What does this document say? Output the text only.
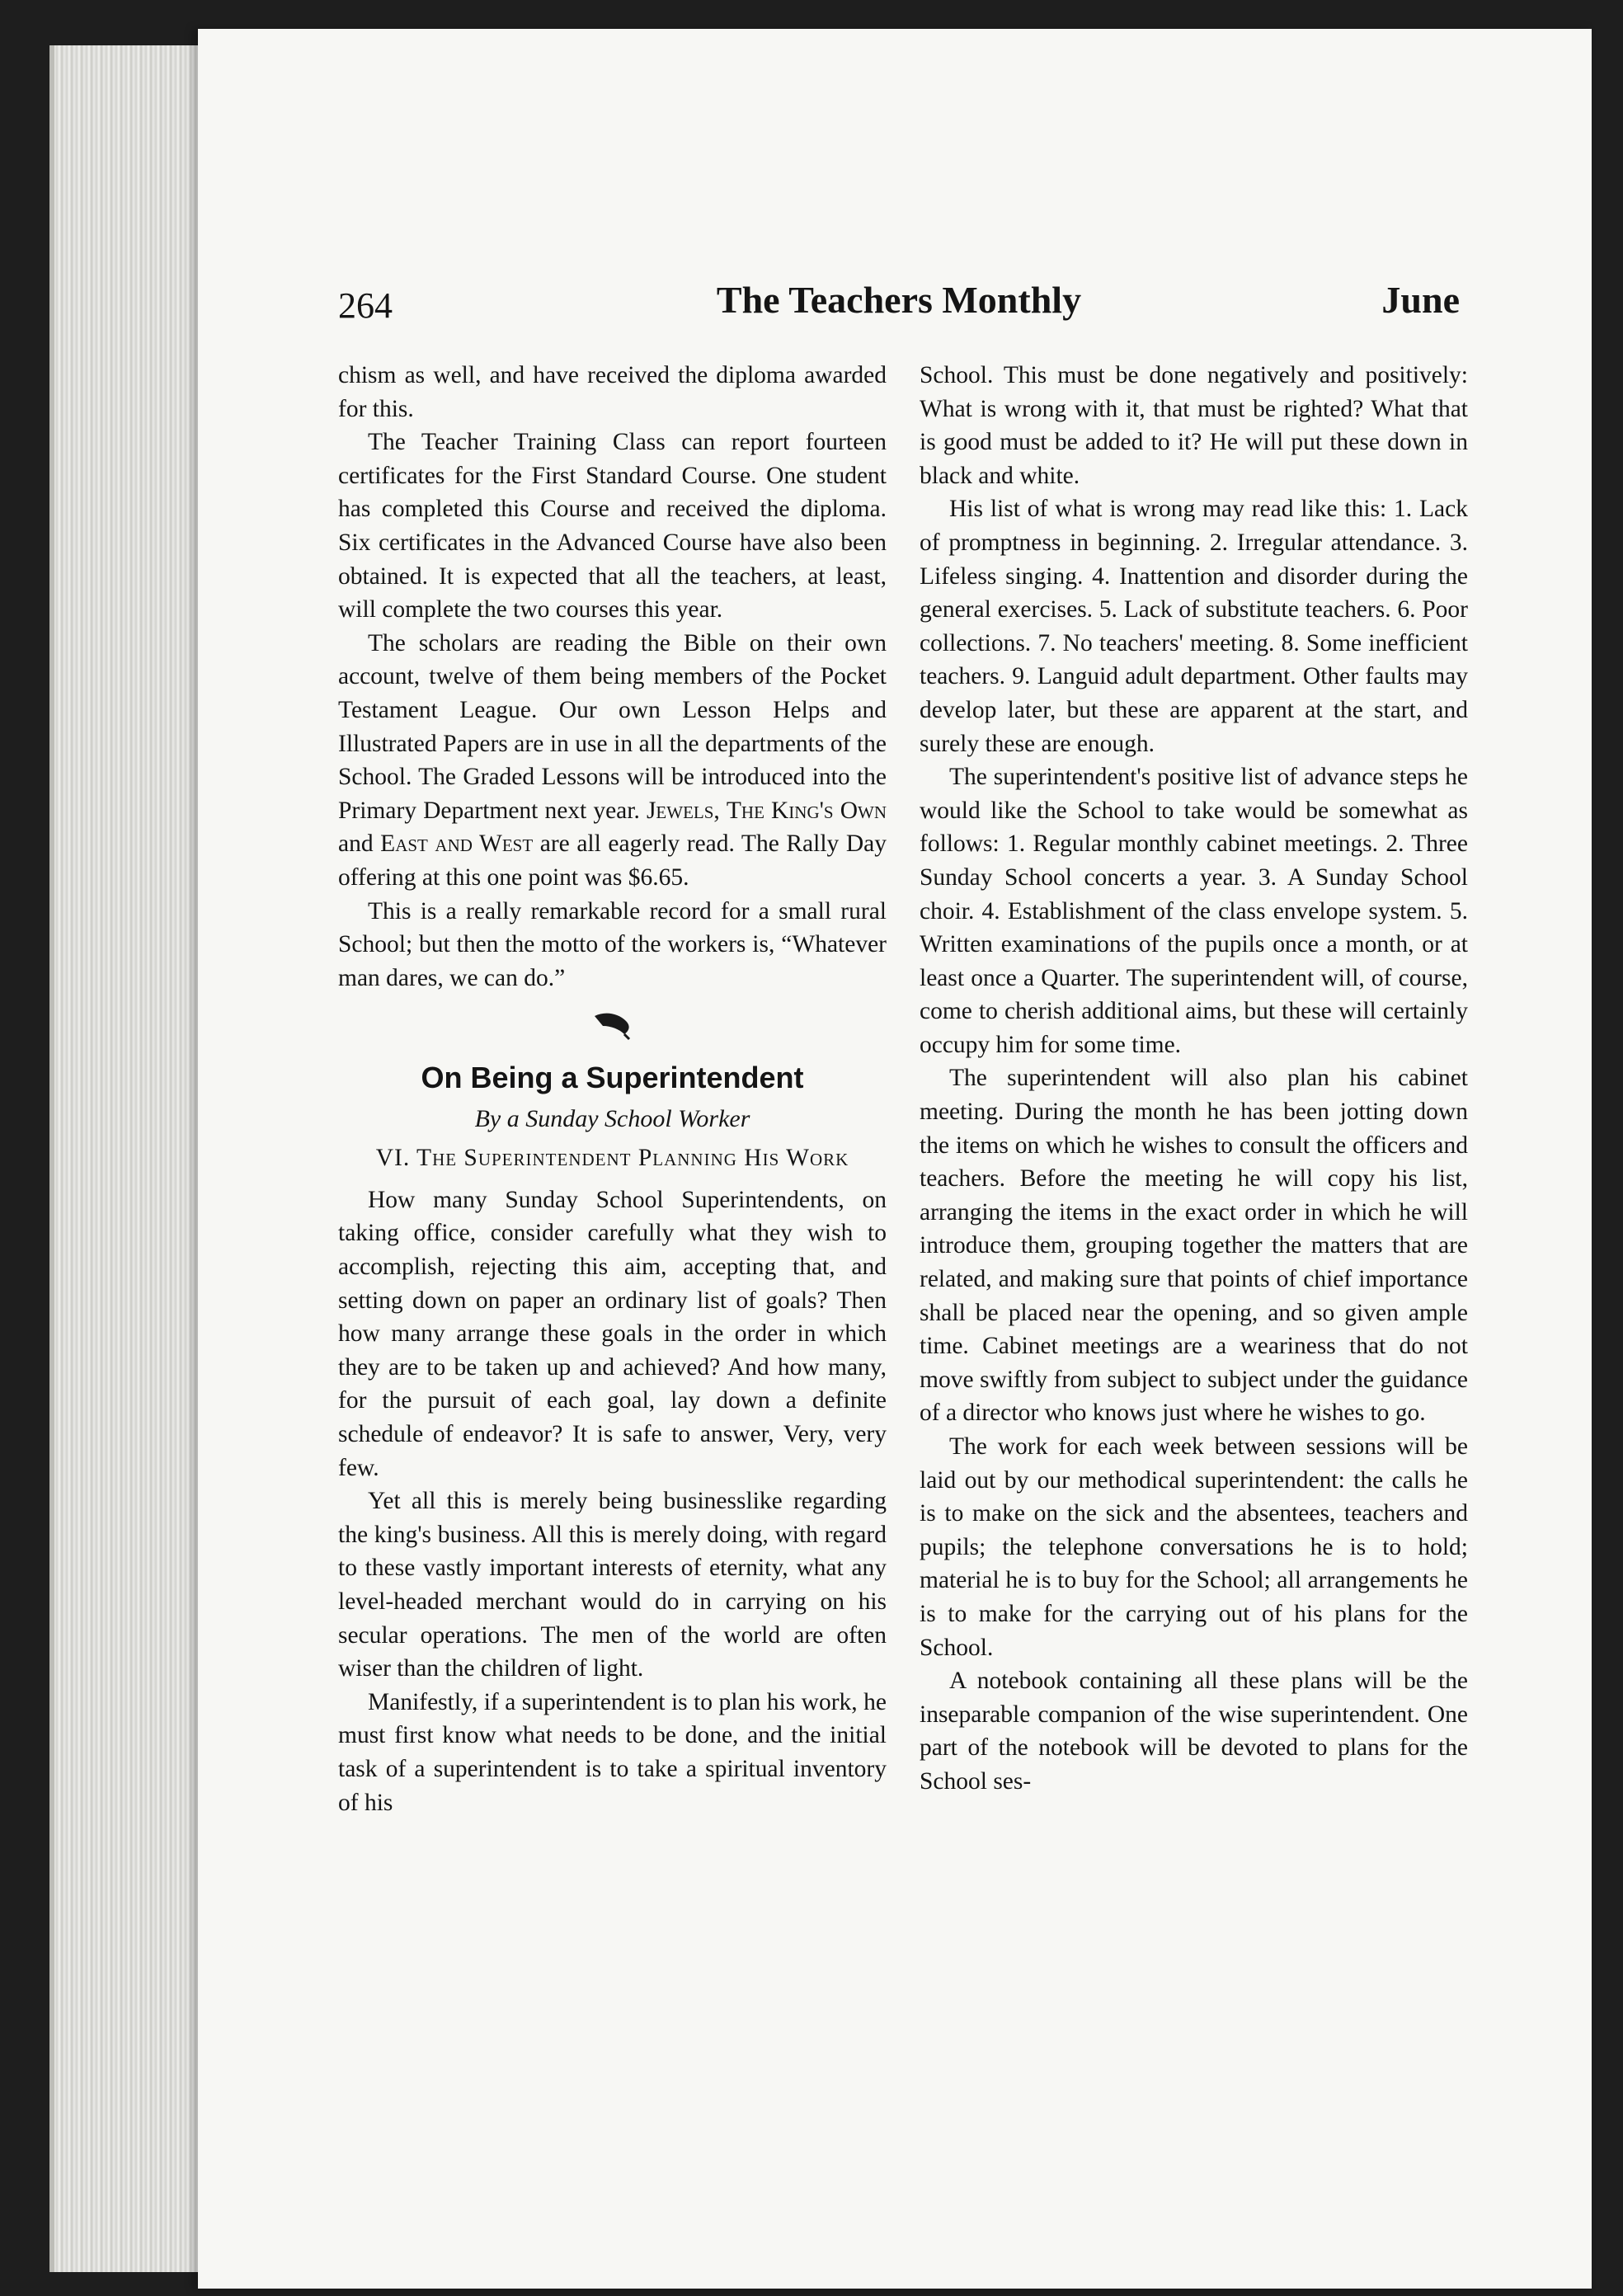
264	The Teachers Monthly	June

chism as well, and have received the diploma awarded for this.

The Teacher Training Class can report fourteen certificates for the First Standard Course. One student has completed this Course and received the diploma. Six certificates in the Advanced Course have also been obtained. It is expected that all the teachers, at least, will complete the two courses this year.

The scholars are reading the Bible on their own account, twelve of them being members of the Pocket Testament League. Our own Lesson Helps and Illustrated Papers are in use in all the departments of the School. The Graded Lessons will be introduced into the Primary Department next year. Jewels, The King's Own and East and West are all eagerly read. The Rally Day offering at this one point was $6.65.

This is a really remarkable record for a small rural School; but then the motto of the workers is, “Whatever man dares, we can do.”

On Being a Superintendent
By a Sunday School Worker
VI. The Superintendent Planning His Work

How many Sunday School Superintendents, on taking office, consider carefully what they wish to accomplish, rejecting this aim, accepting that, and setting down on paper an ordinary list of goals? Then how many arrange these goals in the order in which they are to be taken up and achieved? And how many, for the pursuit of each goal, lay down a definite schedule of endeavor? It is safe to answer, Very, very few.

Yet all this is merely being businesslike regarding the king's business. All this is merely doing, with regard to these vastly important interests of eternity, what any level-headed merchant would do in carrying on his secular operations. The men of the world are often wiser than the children of light.

Manifestly, if a superintendent is to plan his work, he must first know what needs to be done, and the initial task of a superintendent is to take a spiritual inventory of his

School. This must be done negatively and positively: What is wrong with it, that must be righted? What that is good must be added to it? He will put these down in black and white.

His list of what is wrong may read like this: 1. Lack of promptness in beginning. 2. Irregular attendance. 3. Lifeless singing. 4. Inattention and disorder during the general exercises. 5. Lack of substitute teachers. 6. Poor collections. 7. No teachers' meeting. 8. Some inefficient teachers. 9. Languid adult department. Other faults may develop later, but these are apparent at the start, and surely these are enough.

The superintendent's positive list of advance steps he would like the School to take would be somewhat as follows: 1. Regular monthly cabinet meetings. 2. Three Sunday School concerts a year. 3. A Sunday School choir. 4. Establishment of the class envelope system. 5. Written examinations of the pupils once a month, or at least once a Quarter. The superintendent will, of course, come to cherish additional aims, but these will certainly occupy him for some time.

The superintendent will also plan his cabinet meeting. During the month he has been jotting down the items on which he wishes to consult the officers and teachers. Before the meeting he will copy his list, arranging the items in the exact order in which he will introduce them, grouping together the matters that are related, and making sure that points of chief importance shall be placed near the opening, and so given ample time. Cabinet meetings are a weariness that do not move swiftly from subject to subject under the guidance of a director who knows just where he wishes to go.

The work for each week between sessions will be laid out by our methodical superintendent: the calls he is to make on the sick and the absentees, teachers and pupils; the telephone conversations he is to hold; material he is to buy for the School; all arrangements he is to make for the carrying out of his plans for the School.

A notebook containing all these plans will be the inseparable companion of the wise superintendent. One part of the notebook will be devoted to plans for the School ses-
